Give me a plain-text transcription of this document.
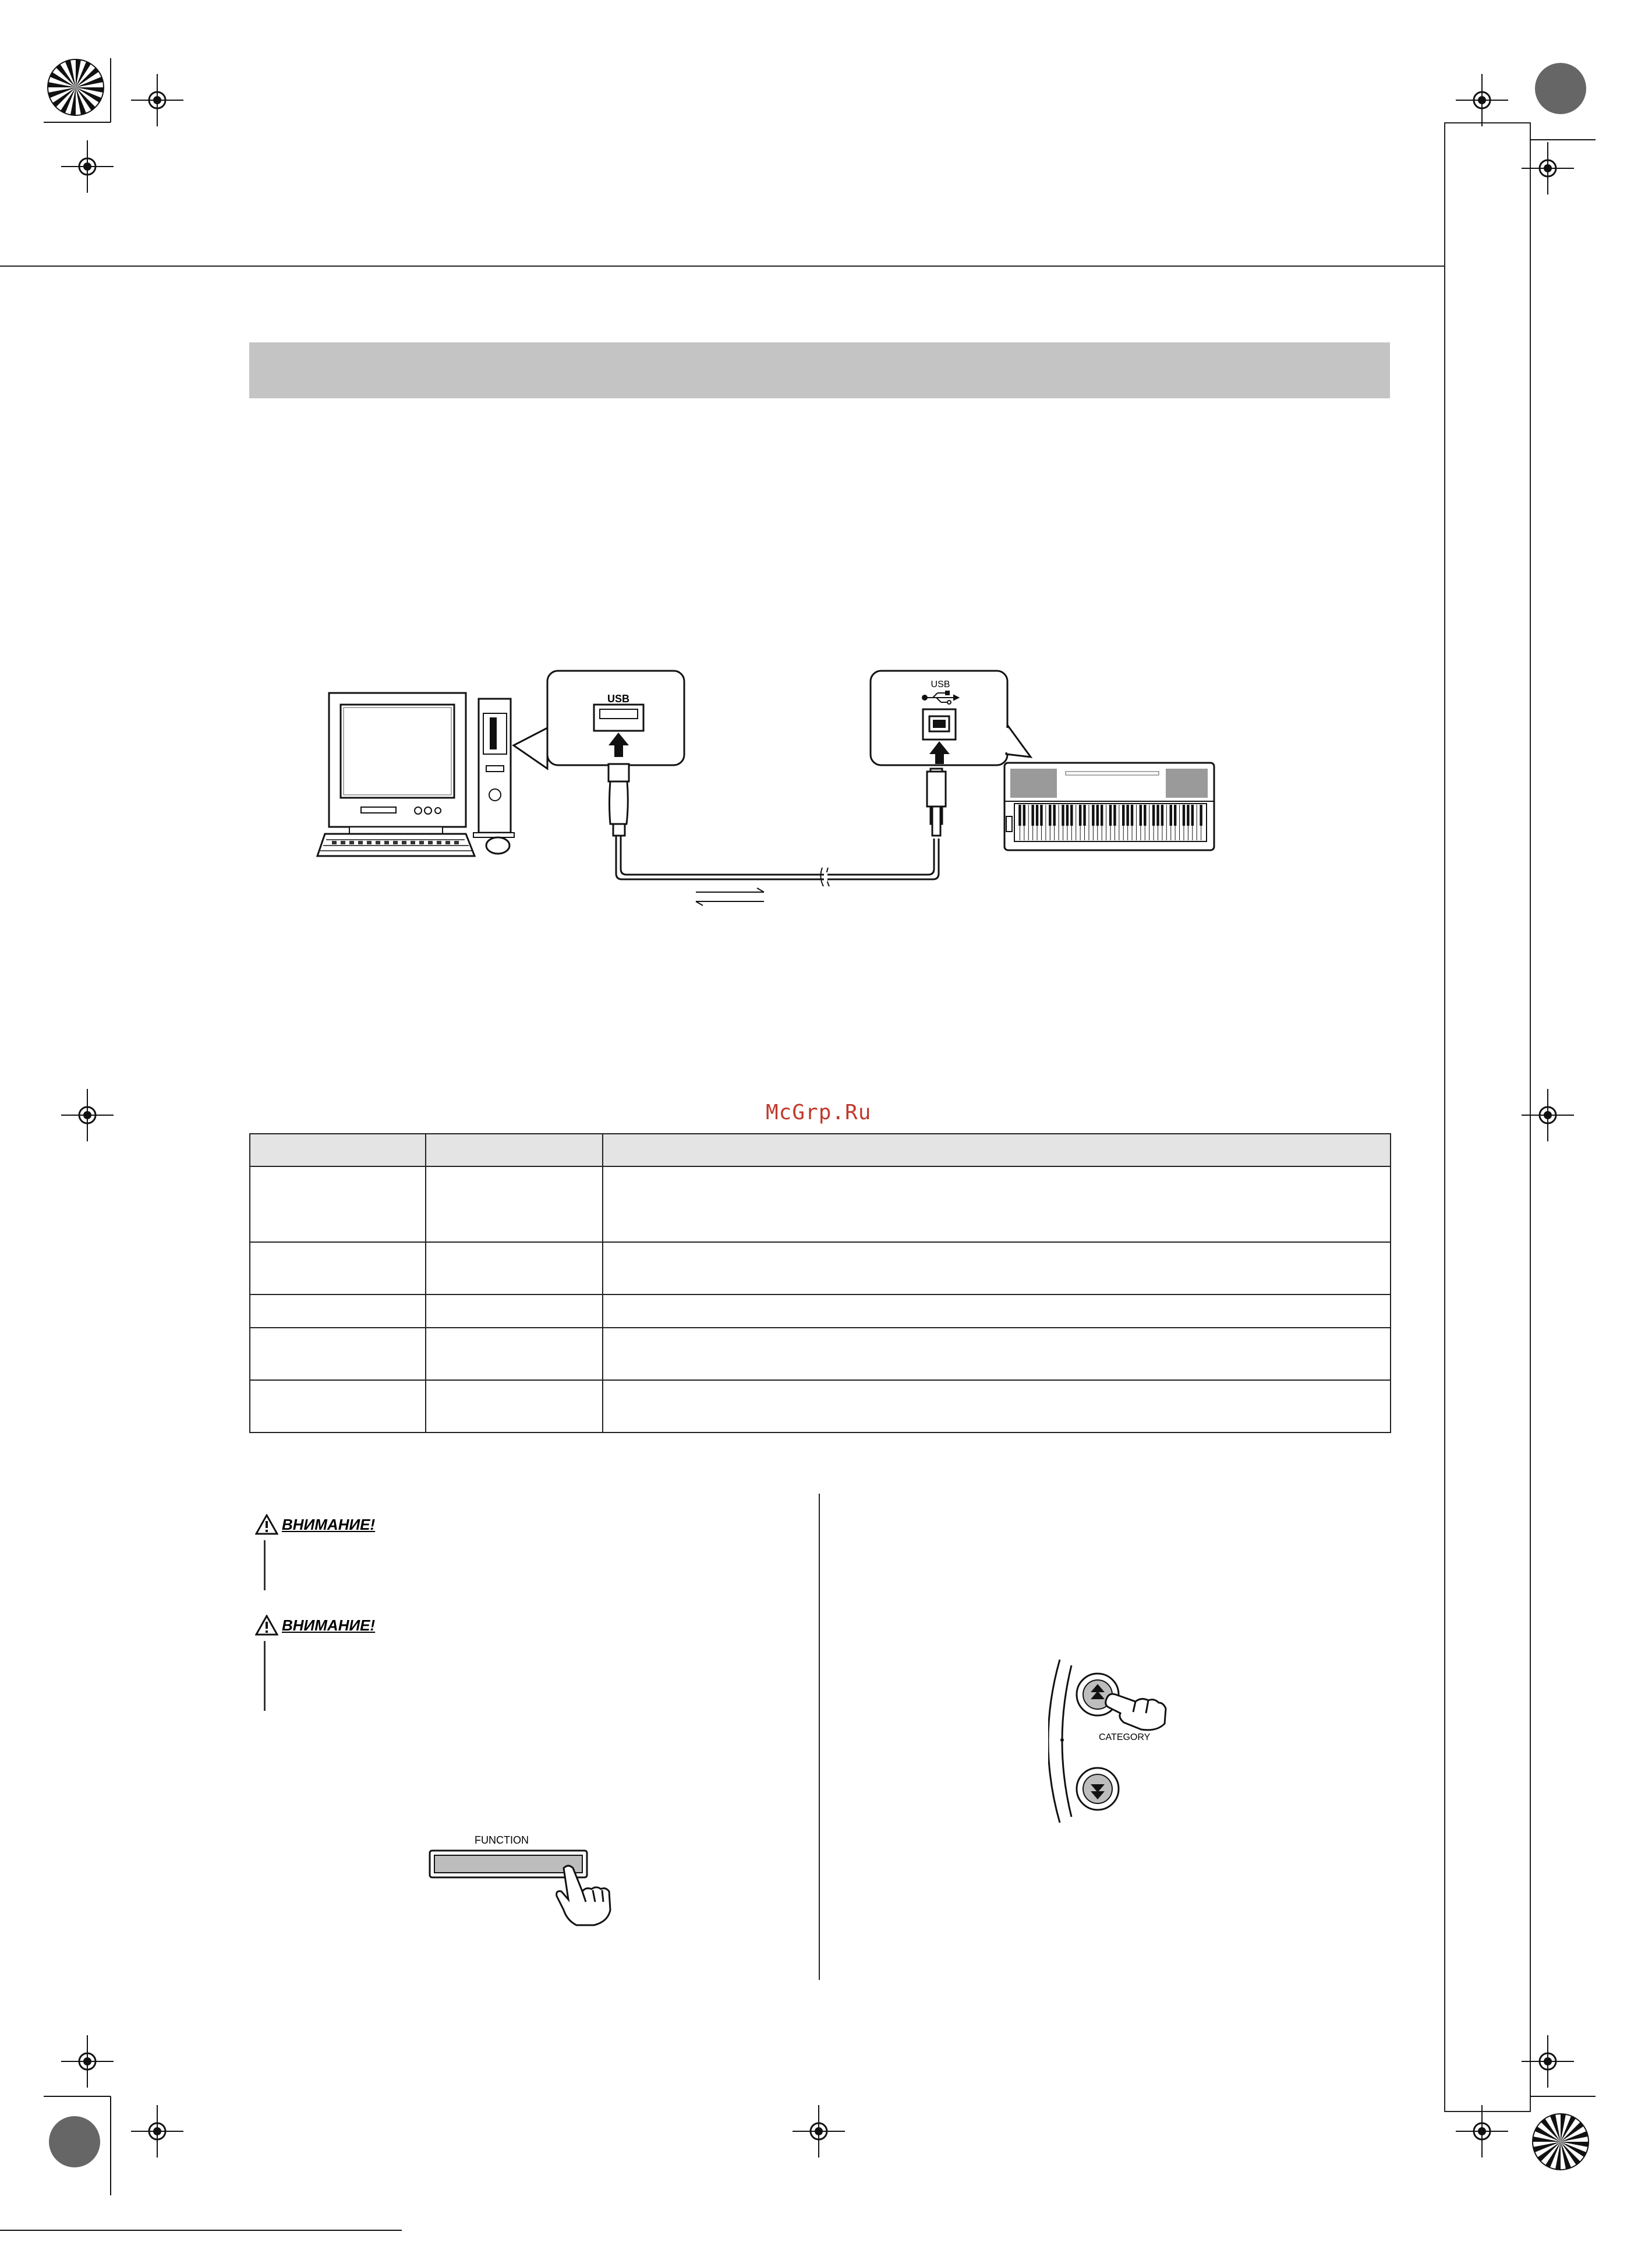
USB
USB
McGrp.Ru

ВНИМАНИЕ!
ВНИМАНИЕ!
FUNCTION
CATEGORY
